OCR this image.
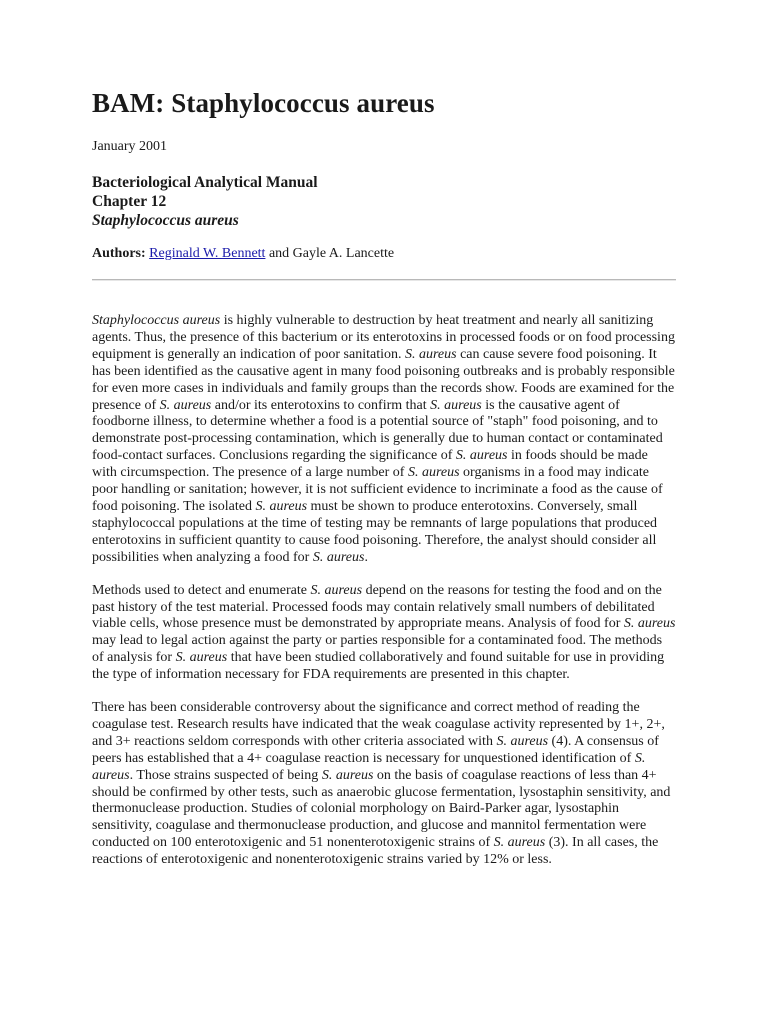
BAM: Staphylococcus aureus
January 2001
Bacteriological Analytical Manual
Chapter 12
Staphylococcus aureus
Authors: Reginald W. Bennett and Gayle A. Lancette

Staphylococcus aureus is highly vulnerable to destruction by heat treatment and nearly all sanitizing agents. Thus, the presence of this bacterium or its enterotoxins in processed foods or on food processing equipment is generally an indication of poor sanitation. S. aureus can cause severe food poisoning. It has been identified as the causative agent in many food poisoning outbreaks and is probably responsible for even more cases in individuals and family groups than the records show. Foods are examined for the presence of S. aureus and/or its enterotoxins to confirm that S. aureus is the causative agent of foodborne illness, to determine whether a food is a potential source of "staph" food poisoning, and to demonstrate post-processing contamination, which is generally due to human contact or contaminated food-contact surfaces. Conclusions regarding the significance of S. aureus in foods should be made with circumspection. The presence of a large number of S. aureus organisms in a food may indicate poor handling or sanitation; however, it is not sufficient evidence to incriminate a food as the cause of food poisoning. The isolated S. aureus must be shown to produce enterotoxins. Conversely, small staphylococcal populations at the time of testing may be remnants of large populations that produced enterotoxins in sufficient quantity to cause food poisoning. Therefore, the analyst should consider all possibilities when analyzing a food for S. aureus.

Methods used to detect and enumerate S. aureus depend on the reasons for testing the food and on the past history of the test material. Processed foods may contain relatively small numbers of debilitated viable cells, whose presence must be demonstrated by appropriate means. Analysis of food for S. aureus may lead to legal action against the party or parties responsible for a contaminated food. The methods of analysis for S. aureus that have been studied collaboratively and found suitable for use in providing the type of information necessary for FDA requirements are presented in this chapter.

There has been considerable controversy about the significance and correct method of reading the coagulase test. Research results have indicated that the weak coagulase activity represented by 1+, 2+, and 3+ reactions seldom corresponds with other criteria associated with S. aureus (4). A consensus of peers has established that a 4+ coagulase reaction is necessary for unquestioned identification of S. aureus. Those strains suspected of being S. aureus on the basis of coagulase reactions of less than 4+ should be confirmed by other tests, such as anaerobic glucose fermentation, lysostaphin sensitivity, and thermonuclease production. Studies of colonial morphology on Baird-Parker agar, lysostaphin sensitivity, coagulase and thermonuclease production, and glucose and mannitol fermentation were conducted on 100 enterotoxigenic and 51 nonenterotoxigenic strains of S. aureus (3). In all cases, the reactions of enterotoxigenic and nonenterotoxigenic strains varied by 12% or less.
